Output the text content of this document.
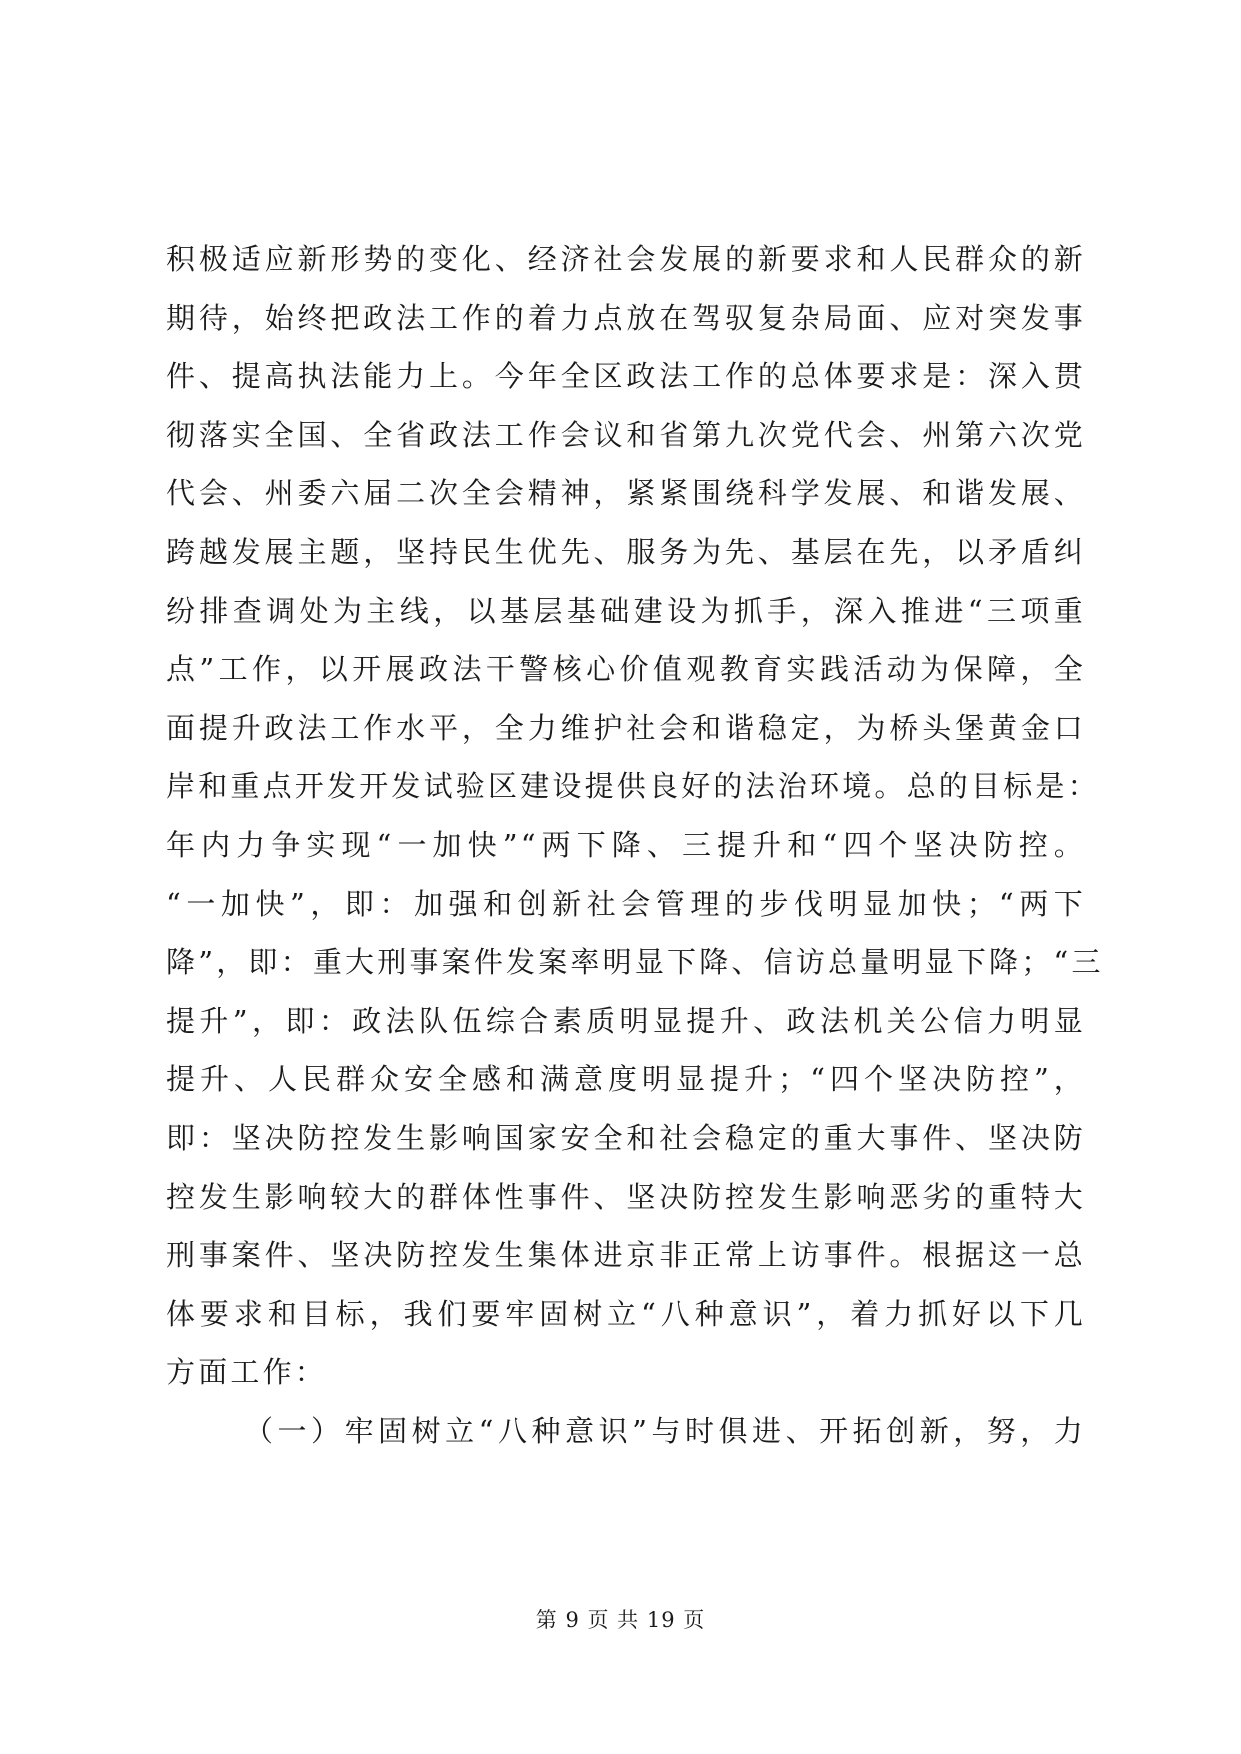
积极适应新形势的变化、经济社会发展的新要求和人民群众的新
期待，始终把政法工作的着力点放在驾驭复杂局面、应对突发事
件、提高执法能力上。今年全区政法工作的总体要求是：深入贯
彻落实全国、全省政法工作会议和省第九次党代会、州第六次党
代会、州委六届二次全会精神，紧紧围绕科学发展、和谐发展、
跨越发展主题，坚持民生优先、服务为先、基层在先，以矛盾纠
纷排查调处为主线，以基层基础建设为抓手，深入推进“三项重
点”工作，以开展政法干警核心价值观教育实践活动为保障，全
面提升政法工作水平，全力维护社会和谐稳定，为桥头堡黄金口
岸和重点开发开发试验区建设提供良好的法治环境。总的目标是：
年内力争实现“一加快”“两下降、三提升和“四个坚决防控。
“一加快”，即：加强和创新社会管理的步伐明显加快；“两下
降”，即：重大刑事案件发案率明显下降、信访总量明显下降；“三
提升”，即：政法队伍综合素质明显提升、政法机关公信力明显
提升、人民群众安全感和满意度明显提升；“四个坚决防控”，
即：坚决防控发生影响国家安全和社会稳定的重大事件、坚决防
控发生影响较大的群体性事件、坚决防控发生影响恶劣的重特大
刑事案件、坚决防控发生集体进京非正常上访事件。根据这一总
体要求和目标，我们要牢固树立“八种意识”，着力抓好以下几
方面工作：
（一）牢固树立“八种意识”与时俱进、开拓创新，努，力
第 9 页 共 19 页
